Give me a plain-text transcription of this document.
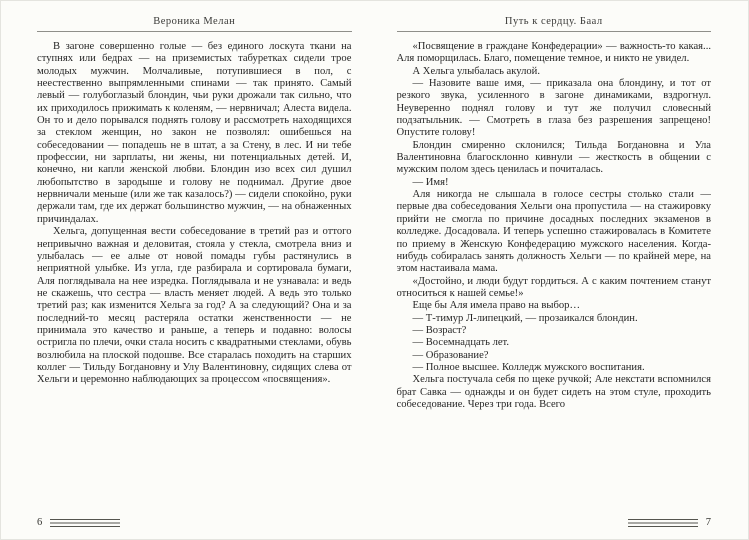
Вероника Мелан

В загоне совершенно голые — без единого лоскута ткани на ступнях или бедрах — на приземистых табуретках сидели трое молодых мужчин. Молчаливые, потупившиеся в пол, с неестественно выпрямленными спинами — так принято. Самый левый — голубоглазый блондин, чьи руки дрожали так сильно, что их приходилось прижимать к коленям, — нервничал; Алеста видела. Он то и дело порывался поднять голову и рассмотреть находящихся за стеклом женщин, но закон не позволял: ошибешься на собеседовании — попадешь не в штат, а за Стену, в лес. И ни тебе профессии, ни зарплаты, ни жены, ни потенциальных детей. И, конечно, ни капли женской любви. Блондин изо всех сил душил любопытство в зародыше и голову не поднимал. Другие двое нервничали меньше (или же так казалось?) — сидели спокойно, руки держали там, где их держат большинство мужчин, — на обнаженных причиндалах.

Хельга, допущенная вести собеседование в третий раз и оттого непривычно важная и деловитая, стояла у стекла, смотрела вниз и улыбалась — ее алые от новой помады губы растянулись в неприятной улыбке. Из угла, где разбирала и сортировала бумаги, Аля поглядывала на нее изредка. Поглядывала и не узнавала: и ведь не скажешь, что сестра — власть меняет людей. А ведь это только третий раз; как изменится Хельга за год? А за следующий? Она и за последний-то месяц растеряла остатки женственности — не принимала это качество и раньше, а теперь и подавно: волосы остригла по плечи, очки стала носить с квадратными стеклами, обувь возлюбила на плоской подошве. Все старалась походить на старших коллег — Тильду Богдановну и Улу Валентиновну, сидящих слева от Хельги и церемонно наблюдающих за процессом «посвящения».

6
Путь к сердцу. Баал

«Посвящение в граждане Конфедерации» — важность-то какая... Аля поморщилась. Благо, помещение темное, и никто не увидел.

А Хельга улыбалась акулой.

— Назовите ваше имя, — приказала она блондину, и тот от резкого звука, усиленного в загоне динамиками, вздрогнул. Неуверенно поднял голову и тут же получил словесный подзатыльник. — Смотреть в глаза без разрешения запрещено! Опустите голову!

Блондин смиренно склонился; Тильда Богдановна и Ула Валентиновна благосклонно кивнули — жесткость в общении с мужским полом здесь ценилась и почиталась.

— Имя!

Аля никогда не слышала в голосе сестры столько стали — первые два собеседования Хельги она пропустила — на стажировку прийти не смогла по причине досадных последних экзаменов в колледже. Досадовала. И теперь успешно стажировалась в Комитете по приему в Женскую Конфедерацию мужского населения. Когда-нибудь собиралась занять должность Хельги — по крайней мере, на этом настаивала мама.

«Достойно, и люди будут гордиться. А с каким почтением станут относиться к нашей семье!»

Еще бы Аля имела право на выбор…

— Т-тимур Л-липецкий, — прозаикался блондин.

— Возраст?

— Восемнадцать лет.

— Образование?

— Полное высшее. Колледж мужского воспитания.

Хельга постучала себя по щеке ручкой; Але некстати вспомнился брат Савка — однажды и он будет сидеть на этом стуле, проходить собеседование. Через три года. Всего

7
